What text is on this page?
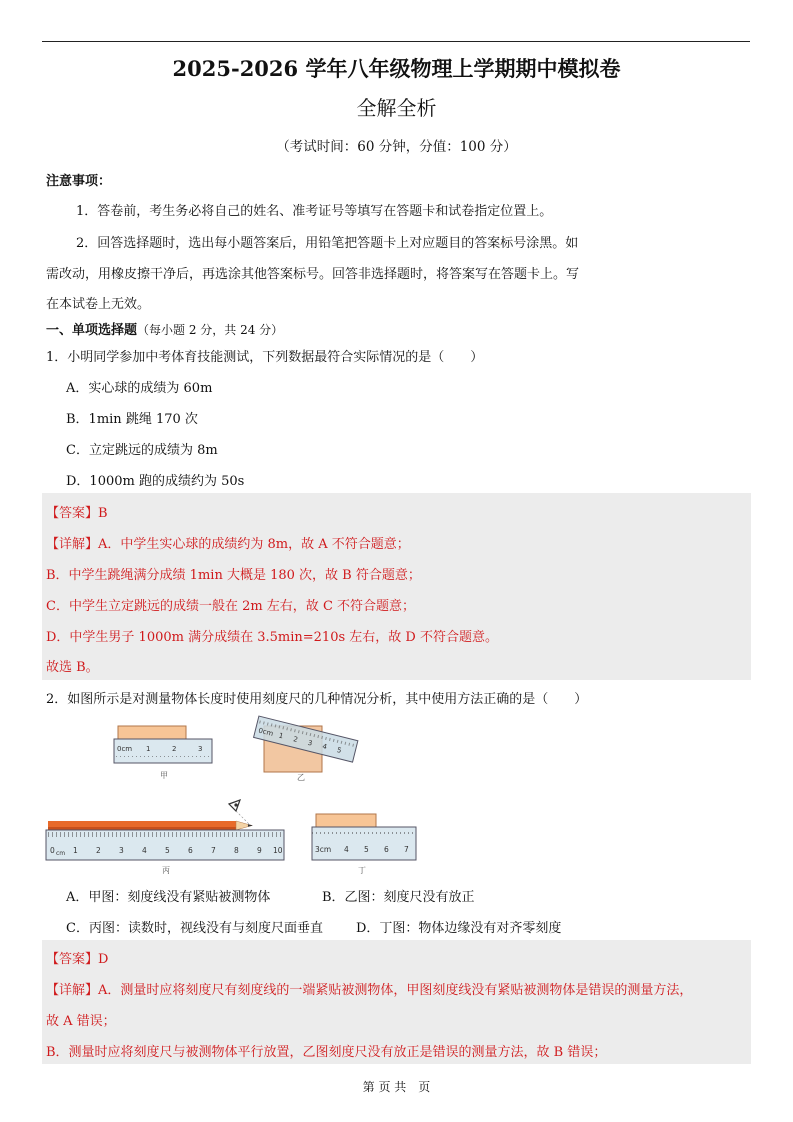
2025-2026 学年八年级物理上学期期中模拟卷
全解全析
（考试时间：60 分钟，分值：100 分）
注意事项：
1．答卷前，考生务必将自己的姓名、准考证号等填写在答题卡和试卷指定位置上。
2．回答选择题时，选出每小题答案后，用铅笔把答题卡上对应题目的答案标号涂黑。如
需改动，用橡皮擦干净后，再选涂其他答案标号。回答非选择题时，将答案写在答题卡上。写
在本试卷上无效。
一、单项选择题（每小题 2 分，共 24 分）
1．小明同学参加中考体育技能测试，下列数据最符合实际情况的是（　　）
A．实心球的成绩为 60m
B．1min 跳绳 170 次
C．立定跳远的成绩为 8m
D．1000m 跑的成绩约为 50s
【答案】B
【详解】A．中学生实心球的成绩约为 8m，故 A 不符合题意；
B．中学生跳绳满分成绩 1min 大概是 180 次，故 B 符合题意；
C．中学生立定跳远的成绩一般在 2m 左右，故 C 不符合题意；
D．中学生男子 1000m 满分成绩在 3.5min=210s 左右，故 D 不符合题意。
故选 B。
2．如图所示是对测量物体长度时使用刻度尺的几种情况分析，其中使用方法正确的是（　　）
0cm 1	2	3
甲
0cm 1 2 3 4 5
乙
0 cm 1 2 3 4 5 6 7 8 9 10
丙
3cm 4 5 6 7
丁
A．甲图：刻度线没有紧贴被测物体	B．乙图：刻度尺没有放正
C．丙图：读数时，视线没有与刻度尺面垂直	D．丁图：物体边缘没有对齐零刻度
【答案】D
【详解】A．测量时应将刻度尺有刻度线的一端紧贴被测物体，甲图刻度线没有紧贴被测物体是错误的测量方法，
故 A 错误；
B．测量时应将刻度尺与被测物体平行放置，乙图刻度尺没有放正是错误的测量方法，故 B 错误；
第 页 共　页
